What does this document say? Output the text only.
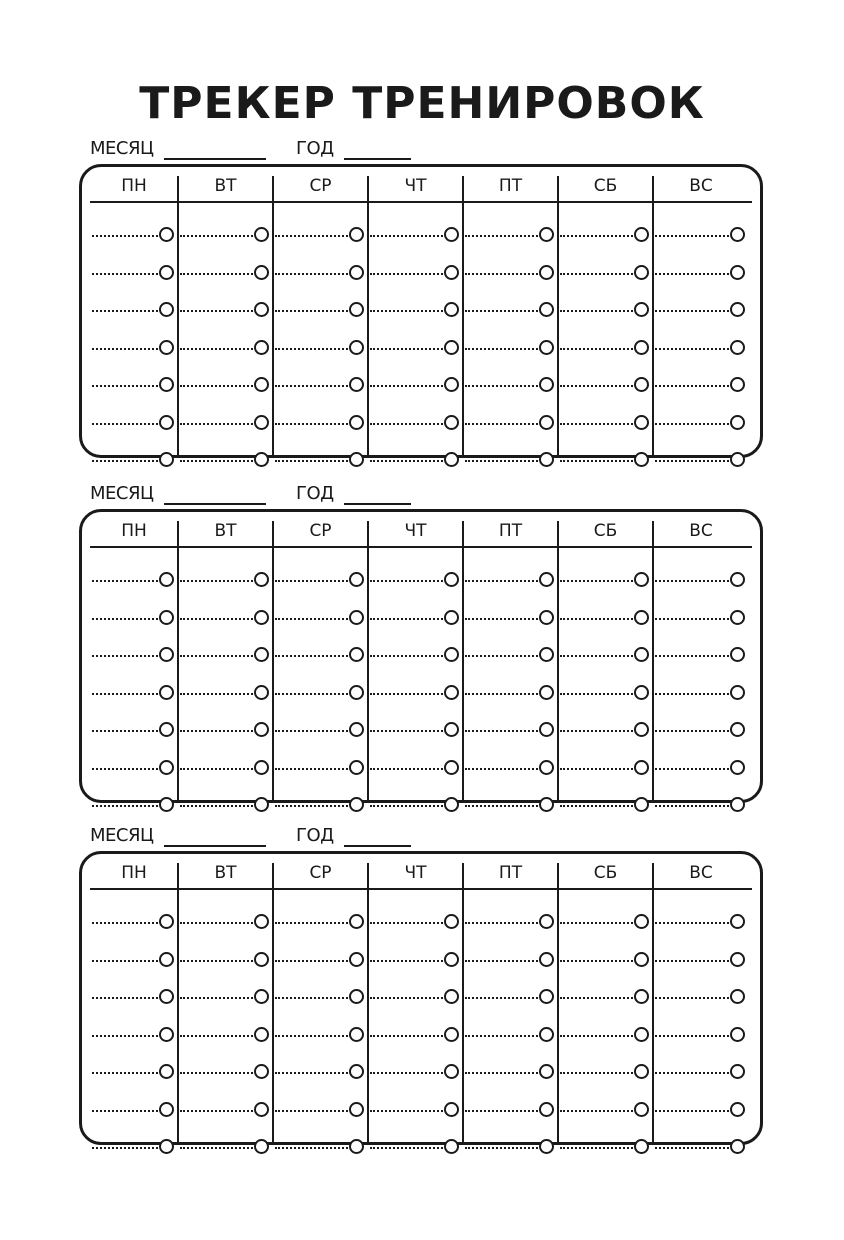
ТРЕКЕР ТРЕНИРОВОК
МЕСЯЦ	ГОД
ПН	ВТ	СР	ЧТ	ПТ	СБ	ВС
МЕСЯЦ	ГОД
ПН	ВТ	СР	ЧТ	ПТ	СБ	ВС
МЕСЯЦ	ГОД
ПН	ВТ	СР	ЧТ	ПТ	СБ	ВС
